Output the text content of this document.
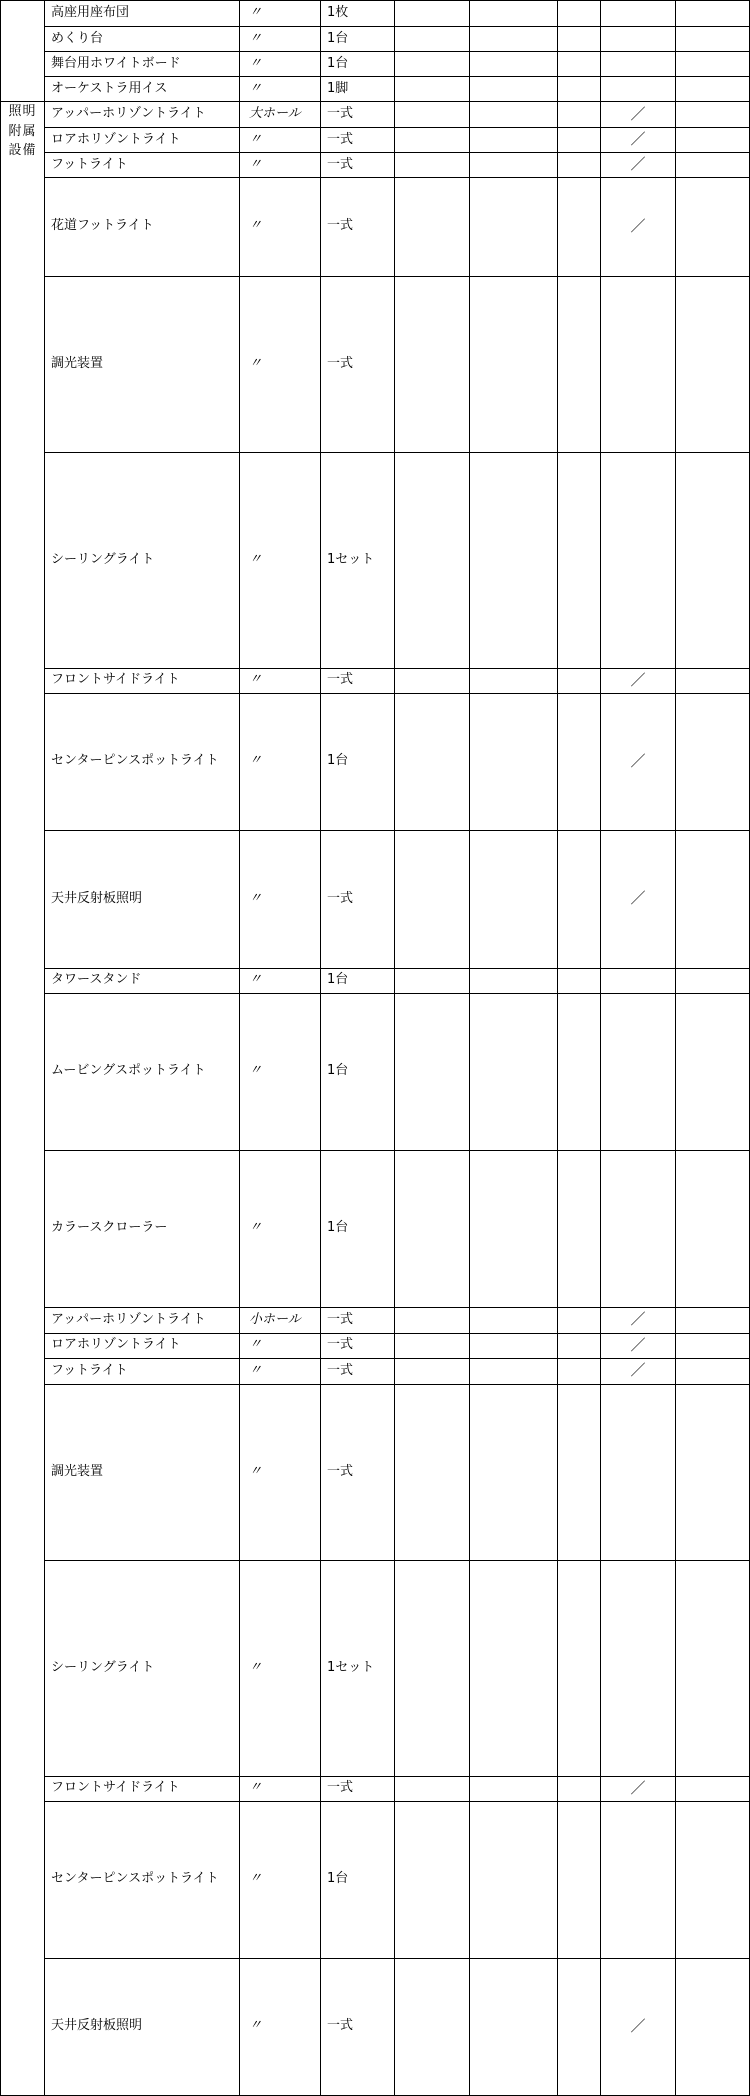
	高座用座布団	〃	1枚						
	めくり台	〃	1台						
	舞台用ホワイトボード	〃	1台						
	オーケストラ用イス	〃	1脚						

照明
附属
設備	アッパーホリゾントライト	大ホール	一式				／		
	ロアホリゾントライト	〃	一式				／		
	フットライト	〃	一式				／		
	花道フットライト	〃	一式				／		
	調光装置	〃	一式						
	シーリングライト	〃	1セット						
	フロントサイドライト	〃	一式				／		
	センターピンスポットライト	〃	1台				／		
	天井反射板照明	〃	一式				／		
	タワースタンド	〃	1台						
	ムービングスポットライト	〃	1台						
	カラースクローラー	〃	1台						
	アッパーホリゾントライト	小ホール	一式				／		
	ロアホリゾントライト	〃	一式				／		
	フットライト	〃	一式				／		
	調光装置	〃	一式						
	シーリングライト	〃	1セット						
	フロントサイドライト	〃	一式				／		
	センターピンスポットライト	〃	1台						
	天井反射板照明	〃	一式				／		
